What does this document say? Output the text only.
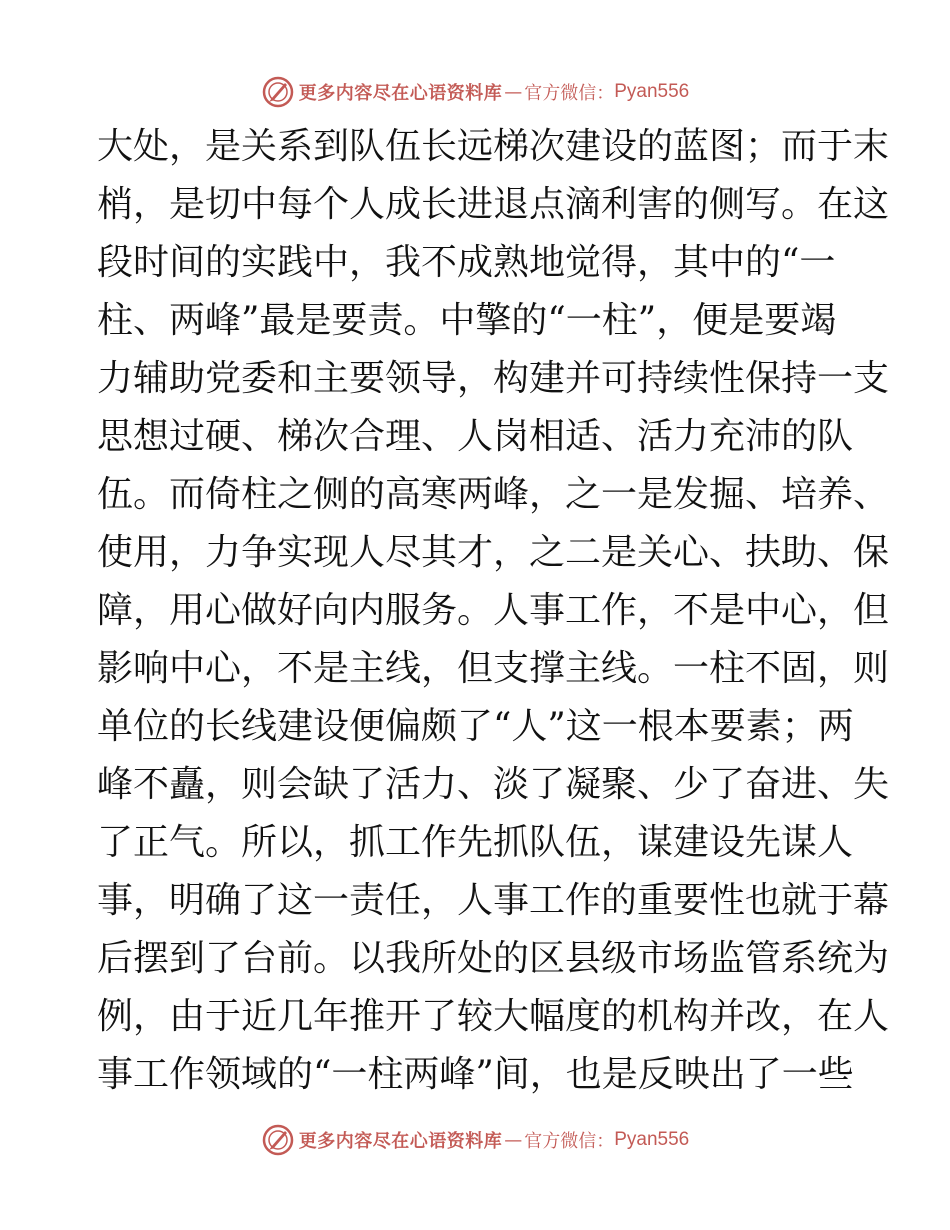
更多内容尽在心语资料库 — 官方微信： Pyan556
大处，是关系到队伍长远梯次建设的蓝图；而于末
梢，是切中每个人成长进退点滴利害的侧写。在这
段时间的实践中，我不成熟地觉得，其中的“一
柱、两峰”最是要责。中擎的“一柱”，便是要竭
力辅助党委和主要领导，构建并可持续性保持一支
思想过硬、梯次合理、人岗相适、活力充沛的队
伍。而倚柱之侧的高寒两峰，之一是发掘、培养、
使用，力争实现人尽其才，之二是关心、扶助、保
障，用心做好向内服务。人事工作，不是中心，但
影响中心，不是主线，但支撑主线。一柱不固，则
单位的长线建设便偏颇了“人”这一根本要素；两
峰不矗，则会缺了活力、淡了凝聚、少了奋进、失
了正气。所以，抓工作先抓队伍，谋建设先谋人
事，明确了这一责任，人事工作的重要性也就于幕
后摆到了台前。以我所处的区县级市场监管系统为
例，由于近几年推开了较大幅度的机构并改，在人
事工作领域的“一柱两峰”间，也是反映出了一些
更多内容尽在心语资料库 — 官方微信： Pyan556
